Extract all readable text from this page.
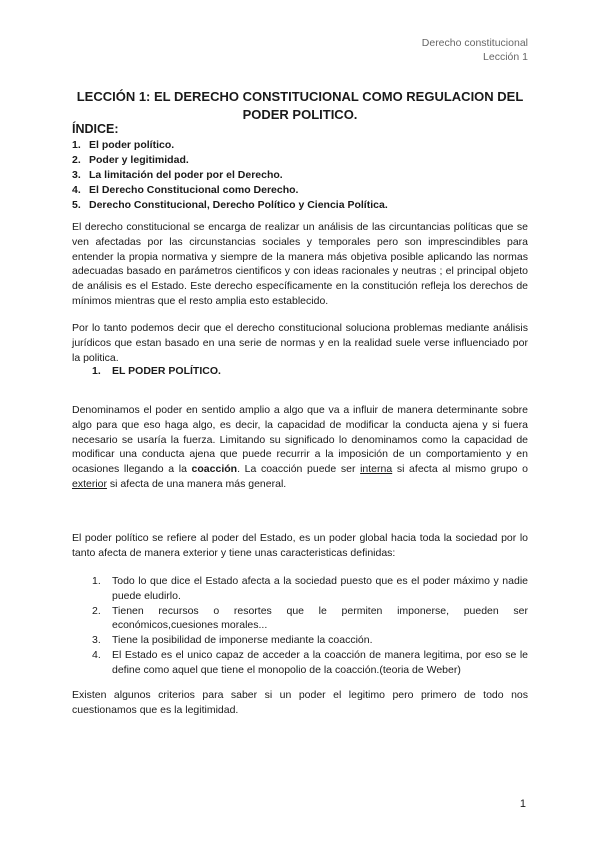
Derecho constitucional
Lección 1
LECCIÓN 1: EL DERECHO CONSTITUCIONAL COMO REGULACION DEL PODER POLITICO.
ÍNDICE:
1. El poder político.
2. Poder y legitimidad.
3. La limitación del poder por el Derecho.
4. El Derecho Constitucional como Derecho.
5. Derecho Constitucional, Derecho Político y Ciencia Política.

El derecho constitucional se encarga de realizar un análisis de las circuntancias políticas que se ven afectadas por las circunstancias sociales y temporales pero son imprescindibles para entender la propia normativa y siempre de la manera más objetiva posible aplicando las normas adecuadas basado en parámetros cientificos y con ideas racionales y neutras ; el principal objeto de análisis es el Estado. Este derecho específicamente en la constitución refleja los derechos de mínimos mientras que el resto amplia esto establecido.

Por lo tanto podemos decir que el derecho constitucional soluciona problemas mediante análisis jurídicos que estan basado en una serie de normas y en la realidad suele verse influenciado por la politica.

1. EL PODER POLÍTICO.

Denominamos el poder en sentido amplio a algo que va a influir de manera determinante sobre algo para que eso haga algo, es decir, la capacidad de modificar la conducta ajena y si fuera necesario se usaría la fuerza. Limitando su significado lo denominamos como la capacidad de modificar una conducta ajena que puede recurrir a la imposición de un comportamiento y en ocasiones llegando a la coacción. La coacción puede ser interna si afecta al mismo grupo o exterior si afecta de una manera más general.

El poder político se refiere al poder del Estado, es un poder global hacia toda la sociedad por lo tanto afecta de manera exterior y tiene unas caracteristicas definidas:

1. Todo lo que dice el Estado afecta a la sociedad puesto que es el poder máximo y nadie puede eludirlo.
2. Tienen recursos o resortes que le permiten imponerse, pueden ser económicos,cuesiones morales...
3. Tiene la posibilidad de imponerse mediante la coacción.
4. El Estado es el unico capaz de acceder a la coacción de manera legitima, por eso se le define como aquel que tiene el monopolio de la coacción.(teoria de Weber)

Existen algunos criterios para saber si un poder el legitimo pero primero de todo nos cuestionamos que es la legitimidad.

1
